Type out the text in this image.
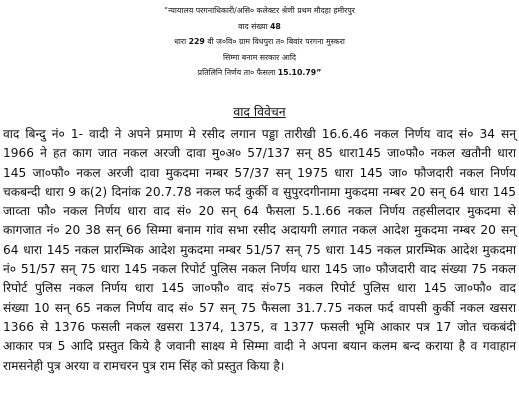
“न्यायालय परगनाधिकारी/असि० कलेक्टर श्रेणी प्रथम मौदहा हमीरपुर
वाद संख्या 48
धारा 229 वी ज०वि० ग्राम विधपुरा त० बिवांर परगना मुस्करा
सिम्मा बनाम सरकार आदि
प्रतिलिनि निर्णय ता० फैसला 15.10.79”
वाद विवेचन
वाद बिन्दु नं० 1- वादी ने अपने प्रमाण मे रसीद लगान पड्डा तारीखी 16.6.46 नकल निर्णय वाद सं० 34 सन्
1966 ने हत काग जात नकल अरजी दावा मु०अ० 57/137 सन् 85 धारा145 जा०फौ० नकल खतौनी धारा
145 जा०फौ० नकल अरजी दावा मुकदमा नम्बर 57/37 सन् 1975 धारा 145 जा० फौजदारी नकल निर्णय
चकबन्दी धारा 9 क(2) दिनांक 20.7.78 नकल फर्द कुर्की व सुपुरदगीनामा मुकदमा नम्बर 20 सन् 64 धारा 145
जाव्ता फौ० नकल निर्णय धारा वाद सं० 20 सन् 64 फैसला 5.1.66 नकल निर्णय तहसीलदार मुकदमा से
कागजात नं० 20 38 सन् 66 सिम्मा बनाम गांव सभा रसीद अदायगी लगात नकल आदेश मुकदमा नम्बर 20 सन्
64 धारा 145 नकल प्रारम्भिक आदेश मुकदमा नम्बर 51/57 सन् 75 धारा 145 नकल प्रारम्भिक आदेश मुकदमा
नं० 51/57 सन् 75 धारा 145 नकल रिपोर्ट पुलिस नकल निर्णय धारा 145 जा० फौजदारी वाद संख्या 75 नकल
रिपोर्ट पुलिस नकल निर्णय धारा 145 जा०फौ० वाद सं०75 नकल रिपोर्ट पुलिस धारा 145 जा०फौ० वाद
संख्या 10 सन् 65 नकल निर्णय वाद सं० 57 सन् 75 फैसला 31.7.75 नकल फर्द वापसी कुर्की नकल खसरा
1366 से 1376 फसली नकल खसरा 1374, 1375, व 1377 फसली भूमि आकार पत्र 17 जोत चकबंदी
आकार पत्र 5 आदि प्रस्तुत किये है जवानी साक्ष्य मे सिम्मा वादी ने अपना बयान कलम बन्द कराया है व गवाहान
रामसनेही पुत्र अरया व रामचरन पुत्र राम सिंह को प्रस्तुत किया है।
